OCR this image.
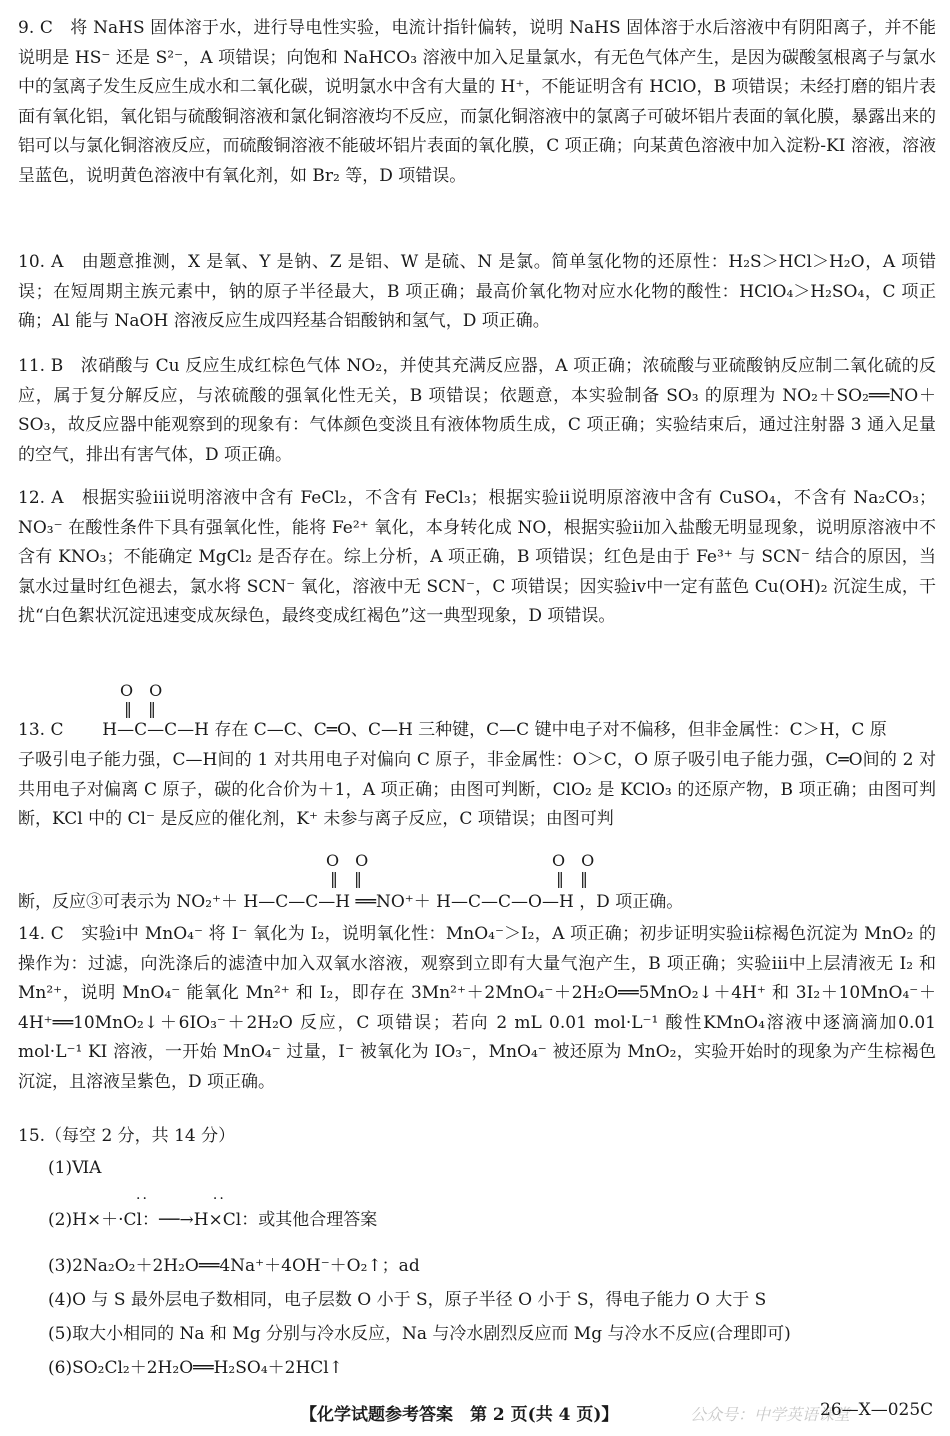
9. C　将 NaHS 固体溶于水，进行导电性实验，电流计指针偏转，说明 NaHS 固体溶于水后溶液中有阴阳离子，并不能说明是 HS⁻ 还是 S²⁻，A 项错误；向饱和 NaHCO₃ 溶液中加入足量氯水，有无色气体产生，是因为碳酸氢根离子与氯水中的氢离子发生反应生成水和二氧化碳，说明氯水中含有大量的 H⁺，不能证明含有 HClO，B 项错误；未经打磨的铝片表面有氧化铝，氧化铝与硫酸铜溶液和氯化铜溶液均不反应，而氯化铜溶液中的氯离子可破坏铝片表面的氧化膜，暴露出来的铝可以与氯化铜溶液反应，而硫酸铜溶液不能破坏铝片表面的氧化膜，C 项正确；向某黄色溶液中加入淀粉-KI 溶液，溶液呈蓝色，说明黄色溶液中有氧化剂，如 Br₂ 等，D 项错误。

10. A　由题意推测，X 是氧、Y 是钠、Z 是铝、W 是硫、N 是氯。简单氢化物的还原性：H₂S＞HCl＞H₂O，A 项错误；在短周期主族元素中，钠的原子半径最大，B 项正确；最高价氧化物对应水化物的酸性：HClO₄＞H₂SO₄，C 项正确；Al 能与 NaOH 溶液反应生成四羟基合铝酸钠和氢气，D 项正确。

11. B　浓硝酸与 Cu 反应生成红棕色气体 NO₂，并使其充满反应器，A 项正确；浓硫酸与亚硫酸钠反应制二氧化硫的反应，属于复分解反应，与浓硫酸的强氧化性无关，B 项错误；依题意，本实验制备 SO₃ 的原理为 NO₂＋SO₂══NO＋SO₃，故反应器中能观察到的现象有：气体颜色变淡且有液体物质生成，C 项正确；实验结束后，通过注射器 3 通入足量的空气，排出有害气体，D 项正确。

12. A　根据实验ⅲ说明溶液中含有 FeCl₂，不含有 FeCl₃；根据实验ⅱ说明原溶液中含有 CuSO₄，不含有 Na₂CO₃；NO₃⁻ 在酸性条件下具有强氧化性，能将 Fe²⁺ 氧化，本身转化成 NO，根据实验ⅱ加入盐酸无明显现象，说明原溶液中不含有 KNO₃；不能确定 MgCl₂ 是否存在。综上分析，A 项正确，B 项错误；红色是由于 Fe³⁺ 与 SCN⁻ 结合的原因，当氯水过量时红色褪去，氯水将 SCN⁻ 氧化，溶液中无 SCN⁻，C 项错误；因实验ⅳ中一定有蓝色 Cu(OH)₂ 沉淀生成，干扰“白色絮状沉淀迅速变成灰绿色，最终变成红褐色”这一典型现象，D 项错误。

O　O
‖　‖
13. C H—C—C—H 存在 C—C、C═O、C—H 三种键，C—C 键中电子对不偏移，但非金属性：C＞H，C 原

子吸引电子能力强，C—H间的 1 对共用电子对偏向 C 原子，非金属性：O＞C，O 原子吸引电子能力强，C═O间的 2 对共用电子对偏离 C 原子，碳的化合价为＋1，A 项正确；由图可判断，ClO₂ 是 KClO₃ 的还原产物，B 项正确；由图可判断，KCl 中的 Cl⁻ 是反应的催化剂，K⁺ 未参与离子反应，C 项错误；由图可判

O　O
‖　‖
O　O
‖　‖
断，反应③可表示为 NO₂⁺＋ H—C—C—H ══NO⁺＋ H—C—C—O—H ，D 项正确。

14. C　实验ⅰ中 MnO₄⁻ 将 I⁻ 氧化为 I₂，说明氧化性：MnO₄⁻＞I₂，A 项正确；初步证明实验ⅱ棕褐色沉淀为 MnO₂ 的操作为：过滤，向洗涤后的滤渣中加入双氧水溶液，观察到立即有大量气泡产生，B 项正确；实验ⅲ中上层清液无 I₂ 和 Mn²⁺，说明 MnO₄⁻ 能氧化 Mn²⁺ 和 I₂，即存在 3Mn²⁺＋2MnO₄⁻＋2H₂O══5MnO₂↓＋4H⁺ 和 3I₂＋10MnO₄⁻＋4H⁺══10MnO₂↓＋6IO₃⁻＋2H₂O 反应，C 项错误；若向 2 mL 0.01 mol·L⁻¹ 酸性KMnO₄溶液中逐滴滴加0.01 mol·L⁻¹ KI 溶液，一开始 MnO₄⁻ 过量，I⁻ 被氧化为 IO₃⁻，MnO₄⁻ 被还原为 MnO₂，实验开始时的现象为产生棕褐色沉淀，且溶液呈紫色，D 项正确。

15.（每空 2 分，共 14 分）
(1)ⅥA
··　　　　··
(2)H×＋·Cl：──→H×Cl：或其他合理答案
(3)2Na₂O₂＋2H₂O══4Na⁺＋4OH⁻＋O₂↑；ad
(4)O 与 S 最外层电子数相同，电子层数 O 小于 S，原子半径 O 小于 S，得电子能力 O 大于 S
(5)取大小相同的 Na 和 Mg 分别与冷水反应，Na 与冷水剧烈反应而 Mg 与冷水不反应(合理即可)
(6)SO₂Cl₂＋2H₂O══H₂SO₄＋2HCl↑
【化学试题参考答案　第 2 页(共 4 页)】	公众号：中学英语课堂
26—X—025C
